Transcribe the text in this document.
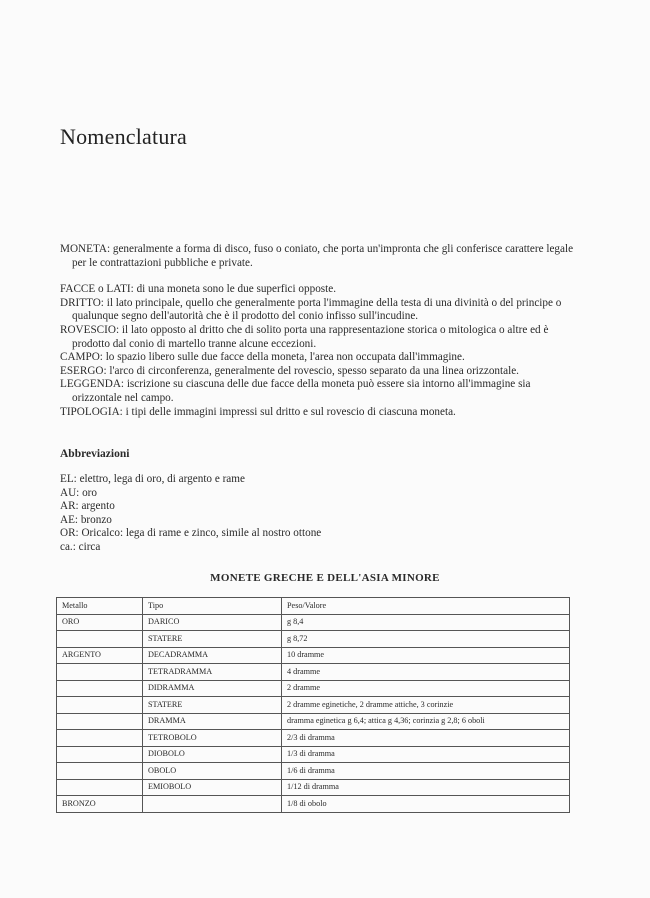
Nomenclatura

MONETA: generalmente a forma di disco, fuso o coniato, che porta un'impronta che gli conferisce carattere legale per le contrattazioni pubbliche e private.

FACCE o LATI: di una moneta sono le due superfici opposte.

DRITTO: il lato principale, quello che generalmente porta l'immagine della testa di una divinità o del principe o qualunque segno dell'autorità che è il prodotto del conio infisso sull'incudine.

ROVESCIO: il lato opposto al dritto che di solito porta una rappresentazione storica o mitologica o altre ed è prodotto dal conio di martello tranne alcune eccezioni.

CAMPO: lo spazio libero sulle due facce della moneta, l'area non occupata dall'immagine.

ESERGO: l'arco di circonferenza, generalmente del rovescio, spesso separato da una linea orizzontale.

LEGGENDA: iscrizione su ciascuna delle due facce della moneta può essere sia intorno all'immagine sia orizzontale nel campo.

TIPOLOGIA: i tipi delle immagini impressi sul dritto e sul rovescio di ciascuna moneta.

Abbreviazioni
EL: elettro, lega di oro, di argento e rame
AU: oro
AR: argento
AE: bronzo
OR: Oricalco: lega di rame e zinco, simile al nostro ottone
ca.: circa
MONETE GRECHE E DELL'ASIA MINORE
Metallo	Tipo	Peso/Valore
ORO	DARICO	g 8,4
	STATERE	g 8,72
ARGENTO	DECADRAMMA	10 dramme
	TETRADRAMMA	4 dramme
	DIDRAMMA	2 dramme
	STATERE	2 dramme eginetiche, 2 dramme attiche, 3 corinzie
	DRAMMA	dramma eginetica g 6,4; attica g 4,36; corinzia g 2,8; 6 oboli
	TETROBOLO	2/3 di dramma
	DIOBOLO	1/3 di dramma
	OBOLO	1/6 di dramma
	EMIOBOLO	1/12 di dramma
BRONZO		1/8 di obolo
